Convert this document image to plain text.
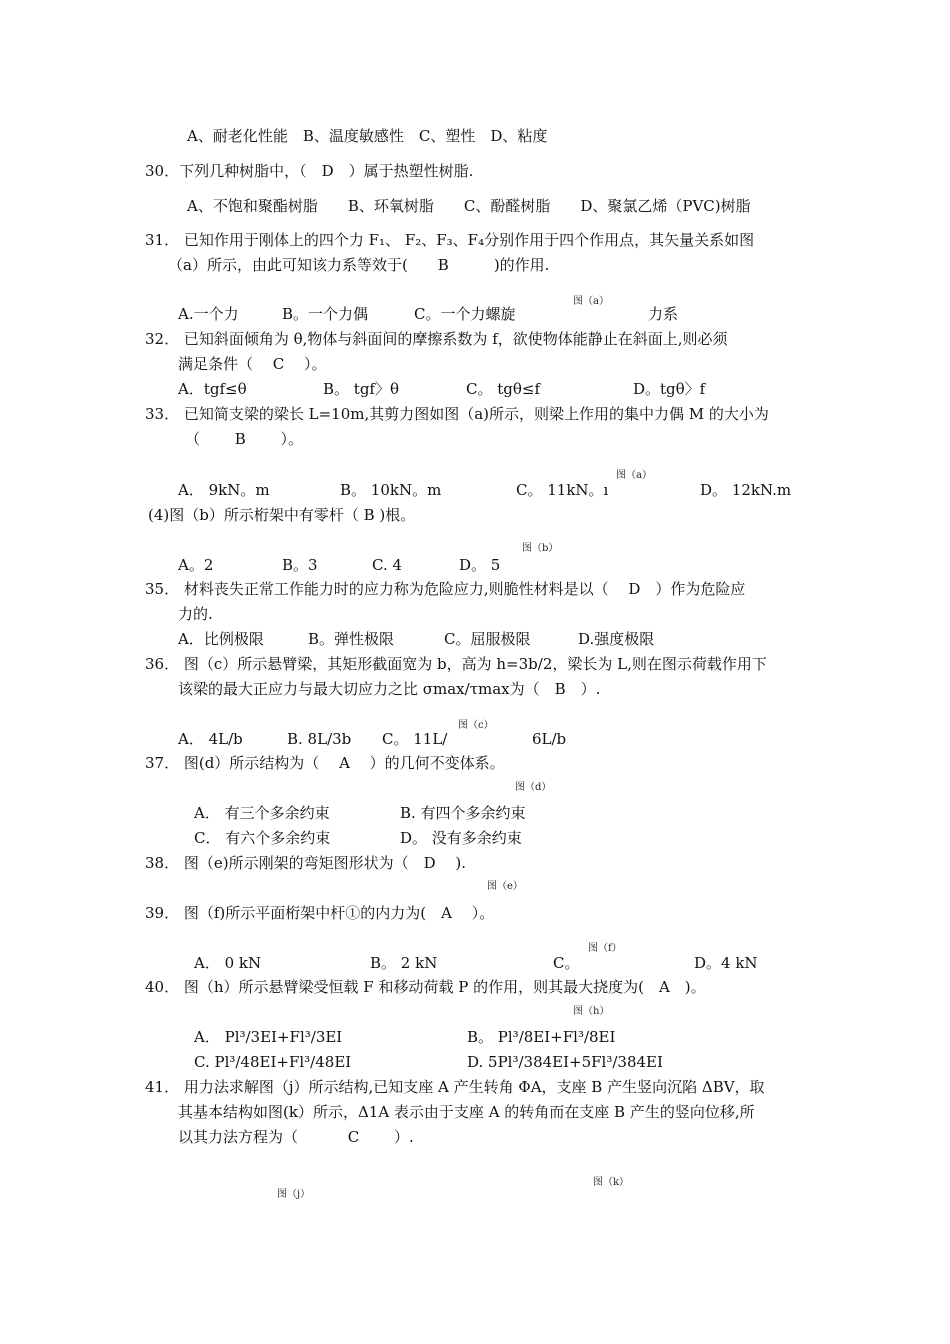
A、耐老化性能　B、温度敏感性　C、塑性　D、粘度
30．下列几种树脂中，（　D　）属于热塑性树脂.
A、不饱和聚酯树脂　　B、环氧树脂　　C、酚醛树脂　　D、聚氯乙烯（PVC)树脂
31． 已知作用于刚体上的四个力 F₁、 F₂、F₃、F₄分别作用于四个作用点，其矢量关系如图
（a）所示，由此可知该力系等效于(　　B　　　)的作用.
图（a）
A.一个力	B。一个力偶	C。一个力螺旋	力系
32． 已知斜面倾角为 θ,物体与斜面间的摩擦系数为 f，欲使物体能静止在斜面上,则必须
满足条件（　 C　 ）。
A．tgf≤θ	B。 tgf〉θ	C。 tgθ≤f	D。tgθ〉f
33． 已知简支梁的梁长 L=10m,其剪力图如图（a)所示，则梁上作用的集中力偶 M 的大小为
（　　 B　　 ）。
图（a）
A． 9kN。m	B。 10kN。m	C。 11kN。ı	D。 12kN.m
(4)图（b）所示桁架中有零杆（ B )根。
图（b）
A。2	B。3	C. 4	D。 5
35． 材料丧失正常工作能力时的应力称为危险应力,则脆性材料是以（　 D　）作为危险应
力的.
A．比例极限	B。弹性极限	C。屈服极限	D.强度极限
36． 图（c）所示悬臂梁，其矩形截面宽为 b，高为 h=3b/2，梁长为 L,则在图示荷载作用下
该梁的最大正应力与最大切应力之比 σmax/τmax为（　B　）.
图（c）
A． 4L/b	B. 8L/3b C。 11L/	6L/b
37． 图(d）所示结构为（　 A　 ）的几何不变体系。
图（d）
A． 有三个多余约束	B. 有四个多余约束
C． 有六个多余约束	D。 没有多余约束
38． 图（e)所示刚架的弯矩图形状为（　D　 ).
图（e）
39． 图（f)所示平面桁架中杆①的内力为(　A　 ）。
图（f）
A． 0 kN	B。 2 kN	C。	D。4 kN
40． 图（h）所示悬臂梁受恒载 F 和移动荷载 P 的作用，则其最大挠度为(　A　)。
图（h）
A． Pl³/3EI+Fl³/3EI	B。 Pl³/8EI+Fl³/8EI
C. Pl³/48EI+Fl³/48EI	D. 5Pl³/384EI+5Fl³/384EI
41． 用力法求解图（j）所示结构,已知支座 A 产生转角 ΦA，支座 B 产生竖向沉陷 ΔBV，取
其基本结构如图(k）所示，Δ1A 表示由于支座 A 的转角而在支座 B 产生的竖向位移,所
以其力法方程为（　　　 C　　 ）.
图（k）
图（j）
